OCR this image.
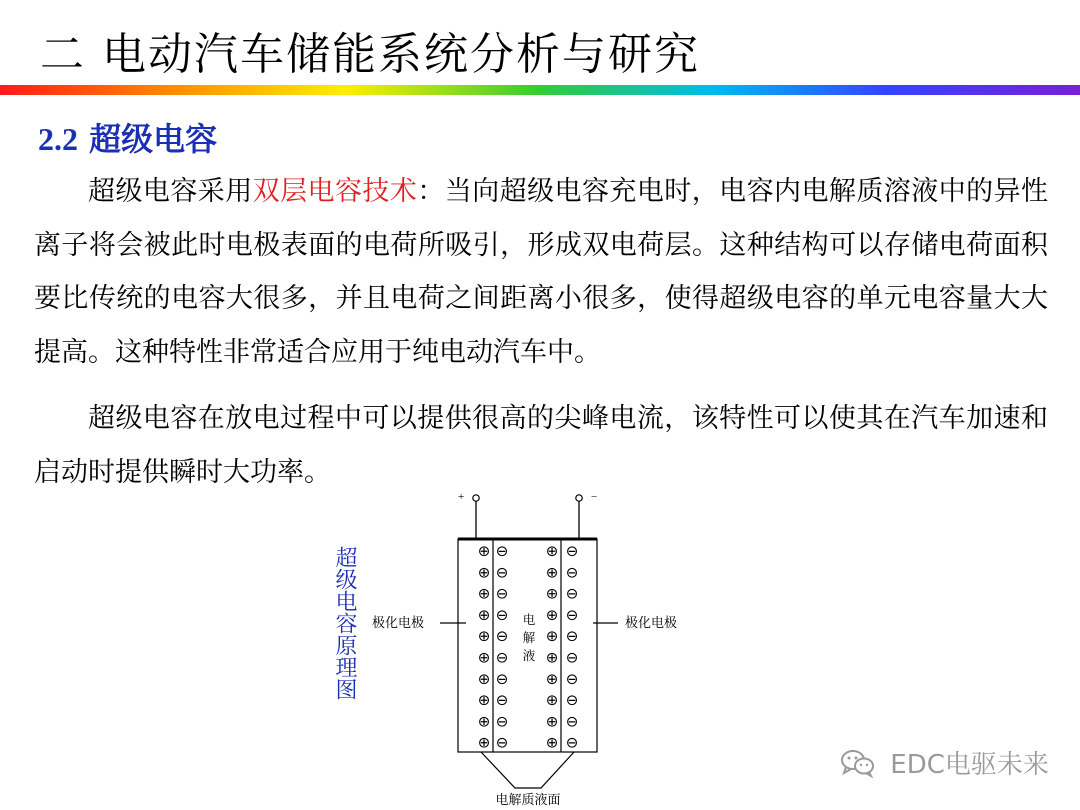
二 电动汽车储能系统分析与研究
2.2 超级电容
超级电容采用双层电容技术：当向超级电容充电时，电容内电解质溶液中的异性离子将会被此时电极表面的电荷所吸引，形成双电荷层。这种结构可以存储电荷面积要比传统的电容大很多，并且电荷之间距离小很多，使得超级电容的单元电容量大大提高。这种特性非常适合应用于纯电动汽车中。
超级电容在放电过程中可以提供很高的尖峰电流，该特性可以使其在汽车加速和启动时提供瞬时大功率。
超级电容原理图
+	−
⊕ ⊖ ⊕ ⊖
⊕ ⊖ ⊕ ⊖
⊕ ⊖ ⊕ ⊖
⊕ ⊖ ⊕ ⊖
⊕ ⊖ ⊕ ⊖
⊕ ⊖ ⊕ ⊖
⊕ ⊖ ⊕ ⊖
⊕ ⊖ ⊕ ⊖
⊕ ⊖ ⊕ ⊖
⊕ ⊖ ⊕ ⊖
电
解
液
极化电极	极化电极
电解质液面
EDC电驱未来
